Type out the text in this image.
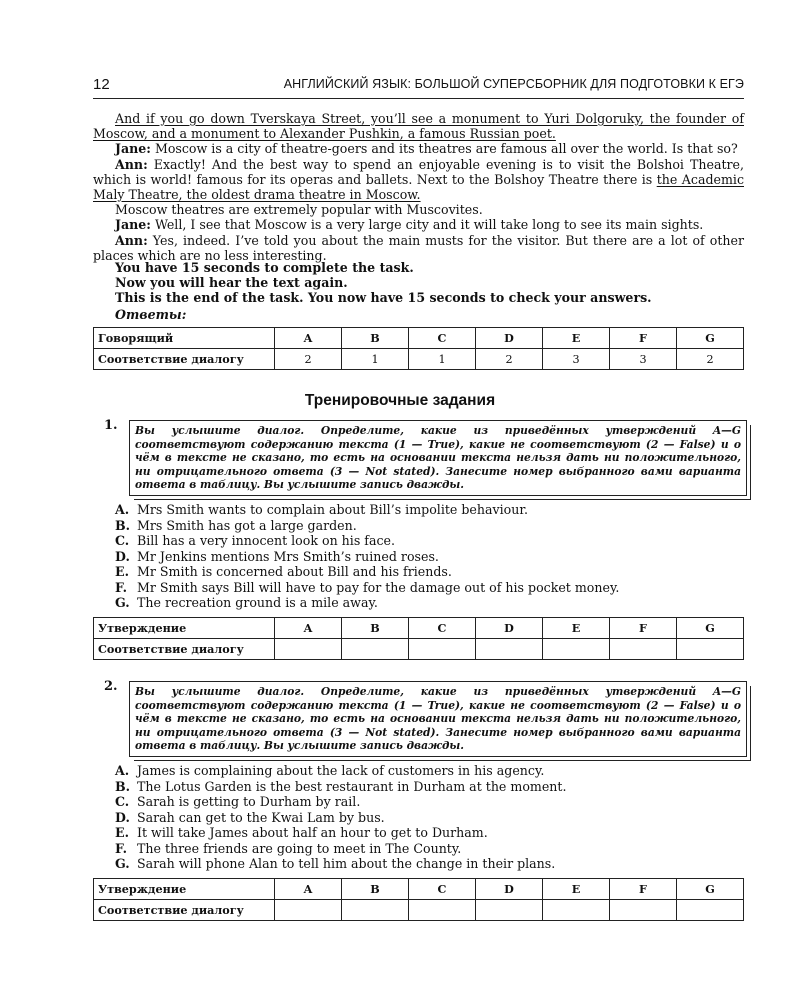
12	АНГЛИЙСКИЙ ЯЗЫК: БОЛЬШОЙ СУПЕРСБОРНИК ДЛЯ ПОДГОТОВКИ К ЕГЭ

And if you go down Tverskaya Street, you’ll see a monument to Yuri Dolgoruky, the founder of Moscow, and a monument to Alexander Pushkin, a famous Russian poet.

Jane: Moscow is a city of theatre-goers and its theatres are famous all over the world. Is that so?

Ann: Exactly! And the best way to spend an enjoyable evening is to visit the Bolshoi Theatre, which is world! famous for its operas and ballets. Next to the Bolshoy Theatre there is the Academic Maly Theatre, the oldest drama theatre in Moscow.

Moscow theatres are extremely popular with Muscovites.

Jane: Well, I see that Moscow is a very large city and it will take long to see its main sights.

Ann: Yes, indeed. I’ve told you about the main musts for the visitor. But there are a lot of other places which are no less interesting.

You have 15 seconds to complete the task.

Now you will hear the text again.

This is the end of the task. You now have 15 seconds to check your answers.

Ответы:

Говорящий	A	B	C	D	E	F	G
Соответствие диалогу	2	1	1	2	3	3	2
Тренировочные задания
1.	Вы услышите диалог. Определите, какие из приведённых утверждений A—G соответствуют содержанию текста (1 — True), какие не соответствуют (2 — False) и о чём в тексте не сказано, то есть на основании текста нельзя дать ни положительного, ни отрицательного ответа (3 — Not stated). Занесите номер выбранного вами варианта ответа в таблицу. Вы услышите запись дважды.

A. Mrs Smith wants to complain about Bill’s impolite behaviour.

B. Mrs Smith has got a large garden.

C. Bill has a very innocent look on his face.

D. Mr Jenkins mentions Mrs Smith’s ruined roses.

E. Mr Smith is concerned about Bill and his friends.

F. Mr Smith says Bill will have to pay for the damage out of his pocket money.

G. The recreation ground is a mile away.

Утверждение	A	B	C	D	E	F	G
Соответствие диалогу							
2.	Вы услышите диалог. Определите, какие из приведённых утверждений A—G соответствуют содержанию текста (1 — True), какие не соответствуют (2 — False) и о чём в тексте не сказано, то есть на основании текста нельзя дать ни положительного, ни отрицательного ответа (3 — Not stated). Занесите номер выбранного вами варианта ответа в таблицу. Вы услышите запись дважды.

A. James is complaining about the lack of customers in his agency.

B. The Lotus Garden is the best restaurant in Durham at the moment.

C. Sarah is getting to Durham by rail.

D. Sarah can get to the Kwai Lam by bus.

E. It will take James about half an hour to get to Durham.

F. The three friends are going to meet in The County.

G. Sarah will phone Alan to tell him about the change in their plans.

Утверждение	A	B	C	D	E	F	G
Соответствие диалогу							
